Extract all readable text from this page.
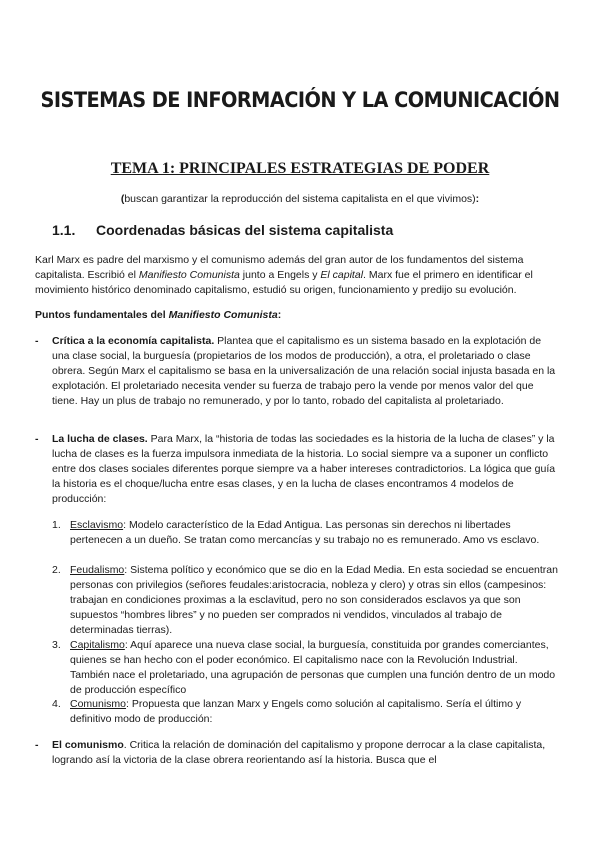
SISTEMAS DE INFORMACIÓN Y LA COMUNICACIÓN
TEMA 1: PRINCIPALES ESTRATEGIAS DE PODER

(buscan garantizar la reproducción del sistema capitalista en el que vivimos):

1.1. Coordenadas básicas del sistema capitalista

Karl Marx es padre del marxismo y el comunismo además del gran autor de los fundamentos del sistema capitalista. Escribió el Manifiesto Comunista junto a Engels y El capital. Marx fue el primero en identificar el movimiento histórico denominado capitalismo, estudió su origen, funcionamiento y predijo su evolución.

Puntos fundamentales del Manifiesto Comunista:

- Crítica a la economía capitalista. Plantea que el capitalismo es un sistema basado en la explotación de una clase social, la burguesía (propietarios de los modos de producción), a otra, el proletariado o clase obrera. Según Marx el capitalismo se basa en la universalización de una relación social injusta basada en la explotación. El proletariado necesita vender su fuerza de trabajo pero la vende por menos valor del que tiene. Hay un plus de trabajo no remunerado, y por lo tanto, robado del capitalista al proletariado.
- La lucha de clases. Para Marx, la “historia de todas las sociedades es la historia de la lucha de clases” y la lucha de clases es la fuerza impulsora inmediata de la historia. Lo social siempre va a suponer un conflicto entre dos clases sociales diferentes porque siempre va a haber intereses contradictorios. La lógica que guía la historia es el choque/lucha entre esas clases, y en la lucha de clases encontramos 4 modelos de producción:
1. Esclavismo: Modelo característico de la Edad Antigua. Las personas sin derechos ni libertades pertenecen a un dueño. Se tratan como mercancías y su trabajo no es remunerado. Amo vs esclavo.
2. Feudalismo: Sistema político y económico que se dio en la Edad Media. En esta sociedad se encuentran personas con privilegios (señores feudales:aristocracia, nobleza y clero) y otras sin ellos (campesinos: trabajan en condiciones proximas a la esclavitud, pero no son considerados esclavos ya que son supuestos “hombres libres” y no pueden ser comprados ni vendidos, vinculados al trabajo de determinadas tierras).
3. Capitalismo: Aquí aparece una nueva clase social, la burguesía, constituida por grandes comerciantes, quienes se han hecho con el poder económico. El capitalismo nace con la Revolución Industrial. También nace el proletariado, una agrupación de personas que cumplen una función dentro de un modo de producción específico
4. Comunismo: Propuesta que lanzan Marx y Engels como solución al capitalismo. Sería el último y definitivo modo de producción:
- El comunismo. Critica la relación de dominación del capitalismo y propone derrocar a la clase capitalista, logrando así la victoria de la clase obrera reorientando así la historia. Busca que el
